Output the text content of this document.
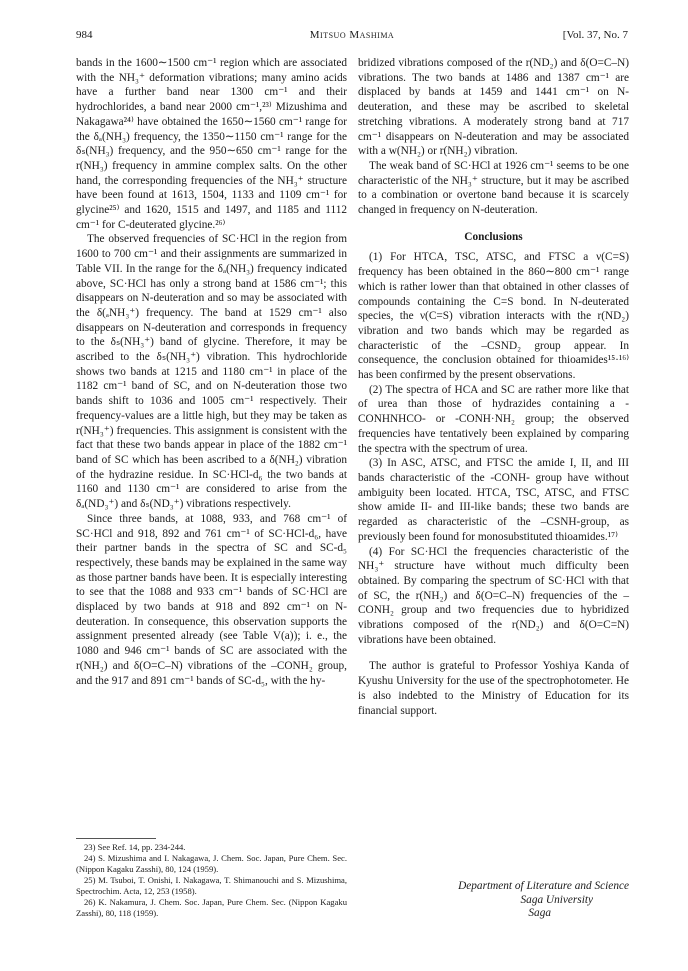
984	Mitsuo Mashima	[Vol. 37, No. 7

bands in the 1600∼1500 cm⁻¹ region which are associated with the NH₃⁺ deformation vibrations; many amino acids have a further band near 1300 cm⁻¹ and their hydrochlorides, a band near 2000 cm⁻¹,²³⁾ Mizushima and Nakagawa²⁴⁾ have obtained the 1650∼1560 cm⁻¹ range for the δₐ(NH₃) frequency, the 1350∼1150 cm⁻¹ range for the δₛ(NH₃) frequency, and the 950∼650 cm⁻¹ range for the r(NH₃) frequency in ammine complex salts. On the other hand, the corresponding frequencies of the NH₃⁺ structure have been found at 1613, 1504, 1133 and 1109 cm⁻¹ for glycine²⁵⁾ and 1620, 1515 and 1497, and 1185 and 1112 cm⁻¹ for C-deuterated glycine.²⁶⁾

The observed frequencies of SC·HCl in the region from 1600 to 700 cm⁻¹ and their assignments are summarized in Table VII. In the range for the δₐ(NH₃) frequency indicated above, SC·HCl has only a strong band at 1586 cm⁻¹; this disappears on N-deuteration and so may be associated with the δ(ₐNH₃⁺) frequency. The band at 1529 cm⁻¹ also disappears on N-deuteration and corresponds in frequency to the δₛ(NH₃⁺) band of glycine. Therefore, it may be ascribed to the δₛ(NH₃⁺) vibration. This hydrochloride shows two bands at 1215 and 1180 cm⁻¹ in place of the 1182 cm⁻¹ band of SC, and on N-deuteration those two bands shift to 1036 and 1005 cm⁻¹ respectively. Their frequency-values are a little high, but they may be taken as r(NH₃⁺) frequencies. This assignment is consistent with the fact that these two bands appear in place of the 1882 cm⁻¹ band of SC which has been ascribed to a δ(NH₂) vibration of the hydrazine residue. In SC·HCl-d₆ the two bands at 1160 and 1130 cm⁻¹ are considered to arise from the δₐ(ND₃⁺) and δₛ(ND₃⁺) vibrations respectively.

Since three bands, at 1088, 933, and 768 cm⁻¹ of SC·HCl and 918, 892 and 761 cm⁻¹ of SC·HCl-d₆, have their partner bands in the spectra of SC and SC-d₅ respectively, these bands may be explained in the same way as those partner bands have been. It is especially interesting to see that the 1088 and 933 cm⁻¹ bands of SC·HCl are displaced by two bands at 918 and 892 cm⁻¹ on N-deuteration. In consequence, this observation supports the assignment presented already (see Table V(a)); i. e., the 1080 and 946 cm⁻¹ bands of SC are associated with the r(NH₂) and δ(O=C–N) vibrations of the –CONH₂ group, and the 917 and 891 cm⁻¹ bands of SC-d₅, with the hy-

bridized vibrations composed of the r(ND₂) and δ(O=C–N) vibrations. The two bands at 1486 and 1387 cm⁻¹ are displaced by bands at 1459 and 1441 cm⁻¹ on N-deuteration, and these may be ascribed to skeletal stretching vibrations. A moderately strong band at 717 cm⁻¹ disappears on N-deuteration and may be associated with a w(NH₂) or r(NH₂) vibration.

The weak band of SC·HCl at 1926 cm⁻¹ seems to be one characteristic of the NH₃⁺ structure, but it may be ascribed to a combination or overtone band because it is scarcely changed in frequency on N-deuteration.

Conclusions

(1) For HTCA, TSC, ATSC, and FTSC a ν(C=S) frequency has been obtained in the 860∼800 cm⁻¹ range which is rather lower than that obtained in other classes of compounds containing the C=S bond. In N-deuterated species, the ν(C=S) vibration interacts with the r(ND₂) vibration and two bands which may be regarded as characteristic of the –CSND₂ group appear. In consequence, the conclusion obtained for thioamides¹⁵·¹⁶⁾ has been confirmed by the present observations.

(2) The spectra of HCA and SC are rather more like that of urea than those of hydrazides containing a -CONHNHCO- or -CONH·NH₂ group; the observed frequencies have tentatively been explained by comparing the spectra with the spectrum of urea.

(3) In ASC, ATSC, and FTSC the amide I, II, and III bands characteristic of the -CONH- group have without ambiguity been located. HTCA, TSC, ATSC, and FTSC show amide II- and III-like bands; these two bands are regarded as characteristic of the –CSNH-group, as previously been found for monosubstituted thioamides.¹⁷⁾

(4) For SC·HCl the frequencies characteristic of the NH₃⁺ structure have without much difficulty been obtained. By comparing the spectrum of SC·HCl with that of SC, the r(NH₂) and δ(O=C–N) frequencies of the –CONH₂ group and two frequencies due to hybridized vibrations composed of the r(ND₂) and δ(O=C=N) vibrations have been obtained.

The author is grateful to Professor Yoshiya Kanda of Kyushu University for the use of the spectrophotometer. He is also indebted to the Ministry of Education for its financial support.

23) See Ref. 14, pp. 234-244.

24) S. Mizushima and I. Nakagawa, J. Chem. Soc. Japan, Pure Chem. Sec. (Nippon Kagaku Zasshi), 80, 124 (1959).

25) M. Tsuboi, T. Onishi, I. Nakagawa, T. Shimanouchi and S. Mizushima, Spectrochim. Acta, 12, 253 (1958).

26) K. Nakamura, J. Chem. Soc. Japan, Pure Chem. Sec. (Nippon Kagaku Zasshi), 80, 118 (1959).

Department of Literature and Science
Saga University
Saga
